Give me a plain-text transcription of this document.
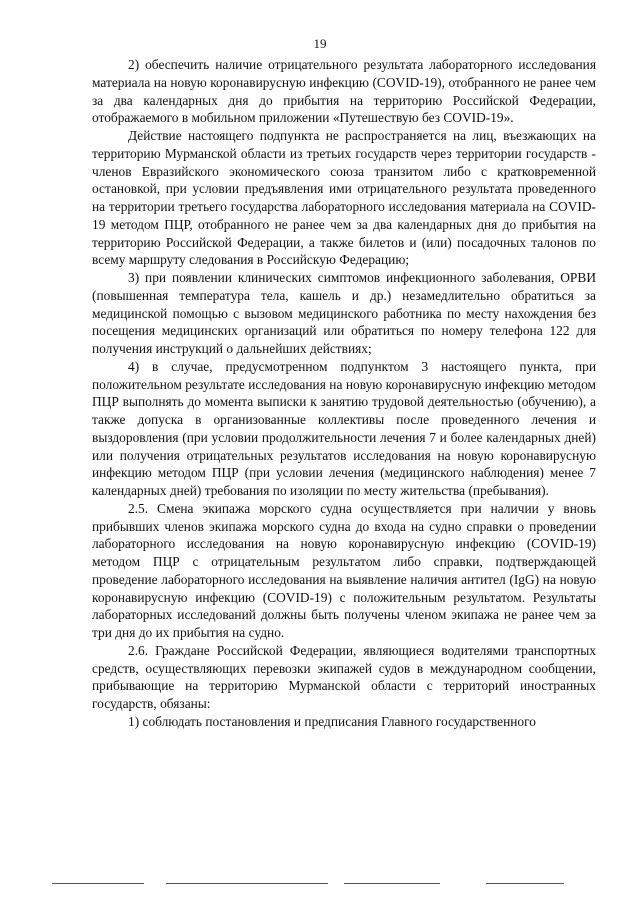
19

2) обеспечить наличие отрицательного результата лабораторного исследования материала на новую коронавирусную инфекцию (COVID-19), отобранного не ранее чем за два календарных дня до прибытия на территорию Российской Федерации, отображаемого в мобильном приложении «Путешествую без COVID-19».

Действие настоящего подпункта не распространяется на лиц, въезжающих на территорию Мурманской области из третьих государств через территории государств - членов Евразийского экономического союза транзитом либо с кратковременной остановкой, при условии предъявления ими отрицательного результата проведенного на территории третьего государства лабораторного исследования материала на COVID-19 методом ПЦР, отобранного не ранее чем за два календарных дня до прибытия на территорию Российской Федерации, а также билетов и (или) посадочных талонов по всему маршруту следования в Российскую Федерацию;

3) при появлении клинических симптомов инфекционного заболевания, ОРВИ (повышенная температура тела, кашель и др.) незамедлительно обратиться за медицинской помощью с вызовом медицинского работника по месту нахождения без посещения медицинских организаций или обратиться по номеру телефона 122 для получения инструкций о дальнейших действиях;

4) в случае, предусмотренном подпунктом 3 настоящего пункта, при положительном результате исследования на новую коронавирусную инфекцию методом ПЦР выполнять до момента выписки к занятию трудовой деятельностью (обучению), а также допуска в организованные коллективы после проведенного лечения и выздоровления (при условии продолжительности лечения 7 и более календарных дней) или получения отрицательных результатов исследования на новую коронавирусную инфекцию методом ПЦР (при условии лечения (медицинского наблюдения) менее 7 календарных дней) требования по изоляции по месту жительства (пребывания).

2.5. Смена экипажа морского судна осуществляется при наличии у вновь прибывших членов экипажа морского судна до входа на судно справки о проведении лабораторного исследования на новую коронавирусную инфекцию (COVID-19) методом ПЦР с отрицательным результатом либо справки, подтверждающей проведение лабораторного исследования на выявление наличия антител (IgG) на новую коронавирусную инфекцию (COVID-19) с положительным результатом. Результаты лабораторных исследований должны быть получены членом экипажа не ранее чем за три дня до их прибытия на судно.

2.6. Граждане Российской Федерации, являющиеся водителями транспортных средств, осуществляющих перевозки экипажей судов в международном сообщении, прибывающие на территорию Мурманской области с территорий иностранных государств, обязаны:

1) соблюдать постановления и предписания Главного государственного
